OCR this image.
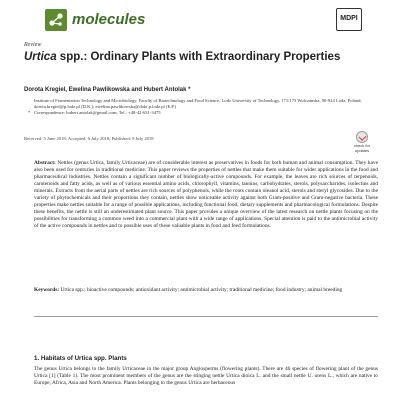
molecules	MDPI
Review
Urtica spp.: Ordinary Plants with Extraordinary Properties
Dorota Kregiel, Ewelina Pawlikowska and Hubert Antolak *
Institute of Fermentation Technology and Microbiology, Faculty of Biotechnology and Food Science, Lodz University of Technology, 171/173 Wolczanska, 90-924 Lodz, Poland; dorota.kregiel@p.lodz.pl (D.K.); ewelina.pawlikowska@dokt.p.lodz.pl (E.P.)
* Correspondence: hubert.antolak@gmail.com; Tel.: +48-42-631-3475
Received: 5 June 2018; Accepted: 6 July 2018; Published: 9 July 2018
check for
updates
Abstract: Nettles (genus Urtica, family Urticaceae) are of considerable interest as preservatives in foods for both human and animal consumption. They have also been used for centuries in traditional medicine. This paper reviews the properties of nettles that make them suitable for wider applications in the food and pharmaceutical industries. Nettles contain a significant number of biologically-active compounds. For example, the leaves are rich sources of terpenoids, carotenoids and fatty acids, as well as of various essential amino acids, chlorophyll, vitamins, tannins, carbohydrates, sterols, polysaccharides, isolectins and minerals. Extracts from the aerial parts of nettles are rich sources of polyphenols, while the roots contain oleanol acid, sterols and steryl glycosides. Due to the variety of phytochemicals and their proportions they contain, nettles show noticeable activity against both Gram-positive and Gram-negative bacteria. These properties make nettles suitable for a range of possible applications, including functional food, dietary supplements and pharmacological formulations. Despite these benefits, the nettle is still an underestimated plant source. This paper provides a unique overview of the latest research on nettle plants focusing on the possibilities for transforming a common weed into a commercial plant with a wide range of applications. Special attention is paid to the antimicrobial activity of the active compounds in nettles and to possible uses of these valuable plants in food and feed formulations.
Keywords: Urtica spp.; bioactive compounds; antioxidant activity; antimicrobial activity; traditional medicine; food industry; animal breeding
1. Habitats of Urtica spp. Plants
The genus Urtica belongs to the family Urticaceae in the major group Angiosperms (flowering plants). There are 46 species of flowering plant of the genus Urtica [1] (Table 1). The most prominent members of the genus are the stinging nettle Urtica dioica L. and the small nettle U. urens L., which are native to Europe, Africa, Asia and North America. Plants belonging to the genus Urtica are herbaceous
